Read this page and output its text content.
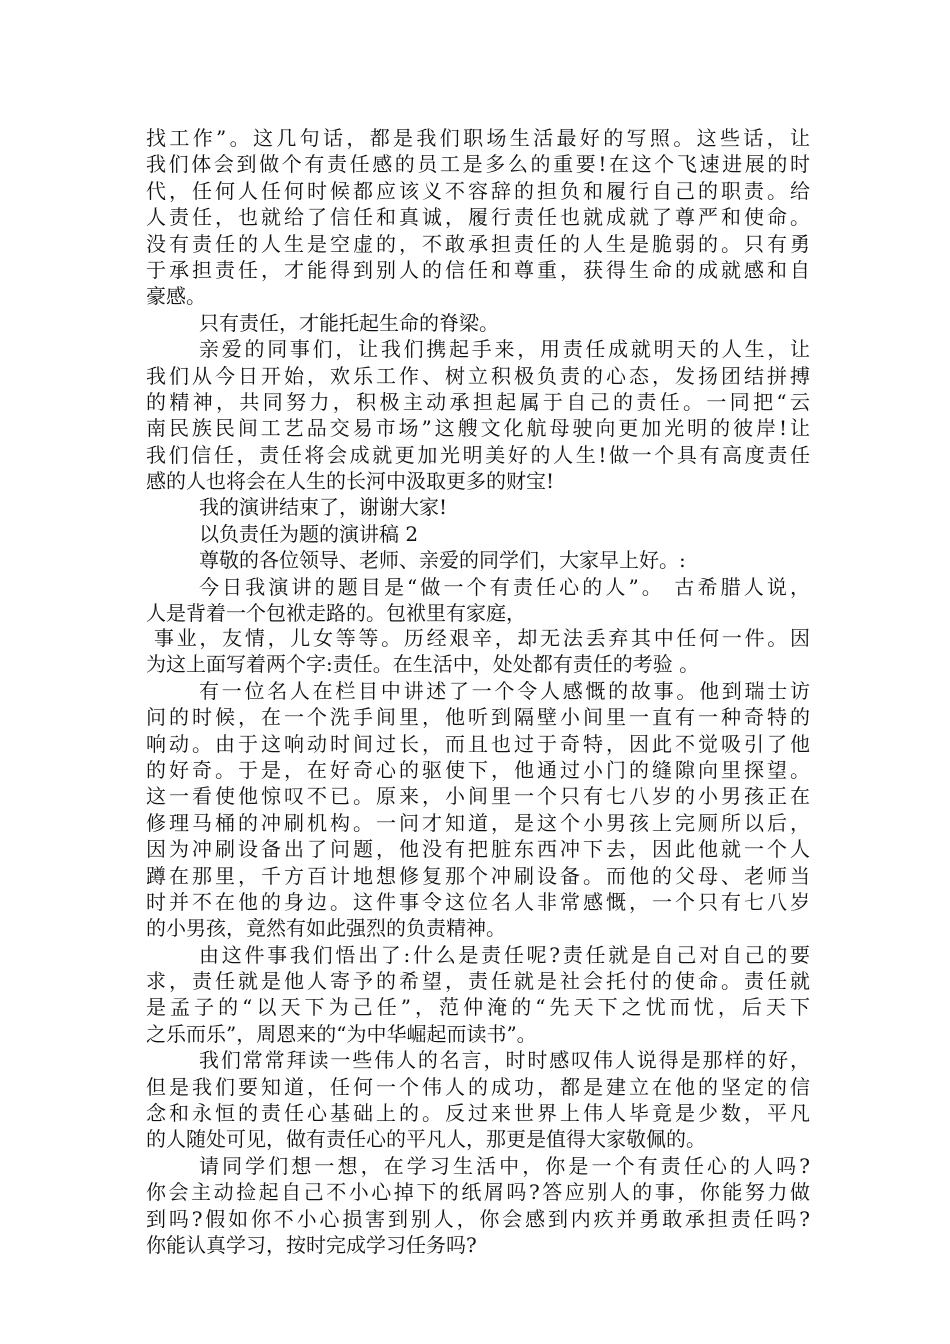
找工作”。这几句话，都是我们职场生活最好的写照。这些话，让
我们体会到做个有责任感的员工是多么的重要!在这个飞速进展的时
代，任何人任何时候都应该义不容辞的担负和履行自己的职责。给
人责任，也就给了信任和真诚，履行责任也就成就了尊严和使命。
没有责任的人生是空虚的，不敢承担责任的人生是脆弱的。只有勇
于承担责任，才能得到别人的信任和尊重，获得生命的成就感和自
豪感。
只有责任，才能托起生命的脊梁。
亲爱的同事们，让我们携起手来，用责任成就明天的人生，让
我们从今日开始，欢乐工作、树立积极负责的心态，发扬团结拼搏
的精神，共同努力，积极主动承担起属于自己的责任。一同把“云
南民族民间工艺品交易市场”这艘文化航母驶向更加光明的彼岸!让
我们信任，责任将会成就更加光明美好的人生!做一个具有高度责任
感的人也将会在人生的长河中汲取更多的财宝!
我的演讲结束了，谢谢大家!
以负责任为题的演讲稿 2
尊敬的各位领导、老师、亲爱的同学们，大家早上好。:
今日我演讲的题目是“做一个有责任心的人”。 古希腊人说，
人是背着一个包袱走路的。包袱里有家庭，
事业，友情，儿女等等。历经艰辛，却无法丢弃其中任何一件。因
为这上面写着两个字:责任。在生活中，处处都有责任的考验 。
有一位名人在栏目中讲述了一个令人感慨的故事。他到瑞士访
问的时候，在一个洗手间里，他听到隔壁小间里一直有一种奇特的
响动。由于这响动时间过长，而且也过于奇特，因此不觉吸引了他
的好奇。于是，在好奇心的驱使下，他通过小门的缝隙向里探望。
这一看使他惊叹不已。原来，小间里一个只有七八岁的小男孩正在
修理马桶的冲刷机构。一问才知道，是这个小男孩上完厕所以后，
因为冲刷设备出了问题，他没有把脏东西冲下去，因此他就一个人
蹲在那里，千方百计地想修复那个冲刷设备。而他的父母、老师当
时并不在他的身边。这件事令这位名人非常感慨，一个只有七八岁
的小男孩，竟然有如此强烈的负责精神。
由这件事我们悟出了:什么是责任呢?责任就是自己对自己的要
求，责任就是他人寄予的希望，责任就是社会托付的使命。责任就
是孟子的“以天下为己任”，范仲淹的“先天下之忧而忧，后天下
之乐而乐”，周恩来的“为中华崛起而读书”。
我们常常拜读一些伟人的名言，时时感叹伟人说得是那样的好，
但是我们要知道，任何一个伟人的成功，都是建立在他的坚定的信
念和永恒的责任心基础上的。反过来世界上伟人毕竟是少数，平凡
的人随处可见，做有责任心的平凡人，那更是值得大家敬佩的。
请同学们想一想，在学习生活中，你是一个有责任心的人吗?
你会主动捡起自己不小心掉下的纸屑吗?答应别人的事，你能努力做
到吗?假如你不小心损害到别人，你会感到内疚并勇敢承担责任吗?
你能认真学习，按时完成学习任务吗?
